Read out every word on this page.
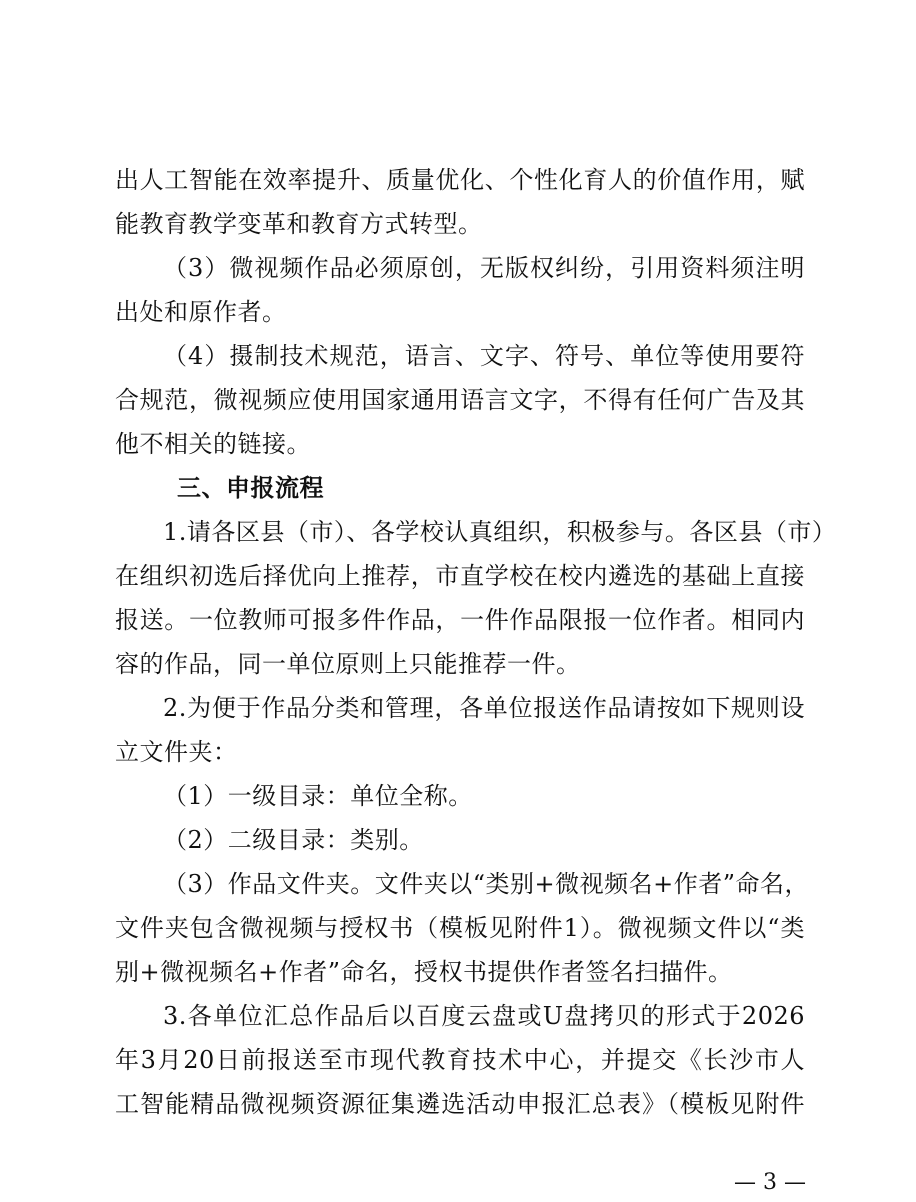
出人工智能在效率提升、质量优化、个性化育人的价值作用，赋
能教育教学变革和教育方式转型。
（3）微视频作品必须原创，无版权纠纷，引用资料须注明
出处和原作者。
（4）摄制技术规范，语言、文字、符号、单位等使用要符
合规范，微视频应使用国家通用语言文字，不得有任何广告及其
他不相关的链接。
三、申报流程
1.请各区县（市）、各学校认真组织，积极参与。各区县（市）
在组织初选后择优向上推荐，市直学校在校内遴选的基础上直接
报送。一位教师可报多件作品，一件作品限报一位作者。相同内
容的作品，同一单位原则上只能推荐一件。
2.为便于作品分类和管理，各单位报送作品请按如下规则设
立文件夹：
（1）一级目录：单位全称。
（2）二级目录：类别。
（3）作品文件夹。文件夹以“类别+微视频名+作者”命名，
文件夹包含微视频与授权书（模板见附件1）。微视频文件以“类
别+微视频名+作者”命名，授权书提供作者签名扫描件。
3.各单位汇总作品后以百度云盘或U盘拷贝的形式于2026
年3月20日前报送至市现代教育技术中心，并提交《长沙市人
工智能精品微视频资源征集遴选活动申报汇总表》（模板见附件
— 3 —
